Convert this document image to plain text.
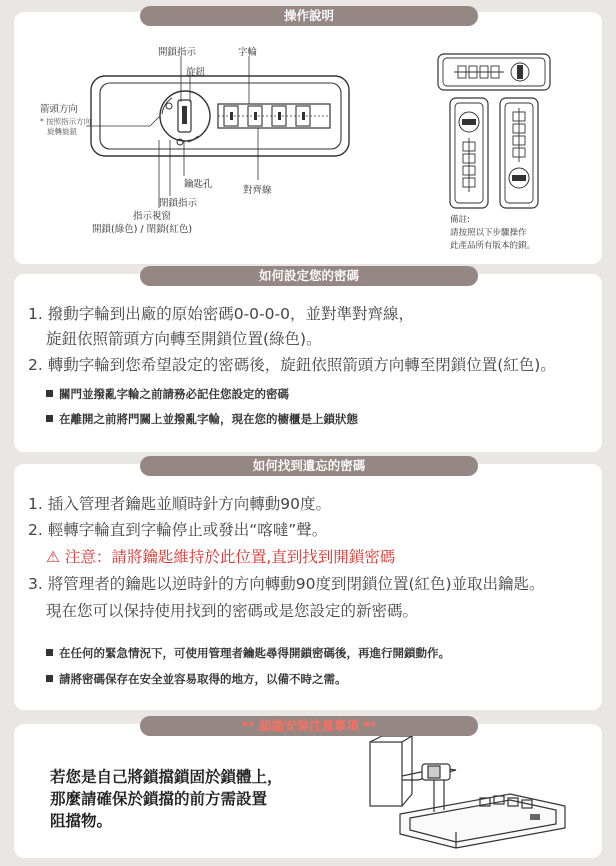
操作說明
開鎖指示	字輪
旋鈕
箭頭方向
* 按照指示方向
旋轉旋鈕
鑰匙孔
對齊線
閉鎖指示
指示視窗
開鎖(綠色) / 閉鎖(紅色)
備註:
請按照以下步驟操作
此產品所有版本的鎖。
如何設定您的密碼
1. 撥動字輪到出廠的原始密碼0-0-0-0，並對準對齊線，
旋鈕依照箭頭方向轉至開鎖位置(綠色)。
2. 轉動字輪到您希望設定的密碼後，旋鈕依照箭頭方向轉至閉鎖位置(紅色)。
關門並撥亂字輪之前請務必記住您設定的密碼
在離開之前將門關上並撥亂字輪，現在您的櫥櫃是上鎖狀態
如何找到遺忘的密碼
1. 插入管理者鑰匙並順時針方向轉動90度。
2. 輕轉字輪直到字輪停止或發出“喀噠”聲。
⚠ 注意：請將鑰匙維持於此位置,直到找到開鎖密碼
3. 將管理者的鑰匙以逆時針的方向轉動90度到閉鎖位置(紅色)並取出鑰匙。
現在您可以保持使用找到的密碼或是您設定的新密碼。
在任何的緊急情況下，可使用管理者鑰匙尋得開鎖密碼後，再進行開鎖動作。
請將密碼保存在安全並容易取得的地方，以備不時之需。
** 鎖擋安裝注意事項 **
若您是自己將鎖擋鎖固於鎖體上，
那麼請確保於鎖擋的前方需設置
阻擋物。
